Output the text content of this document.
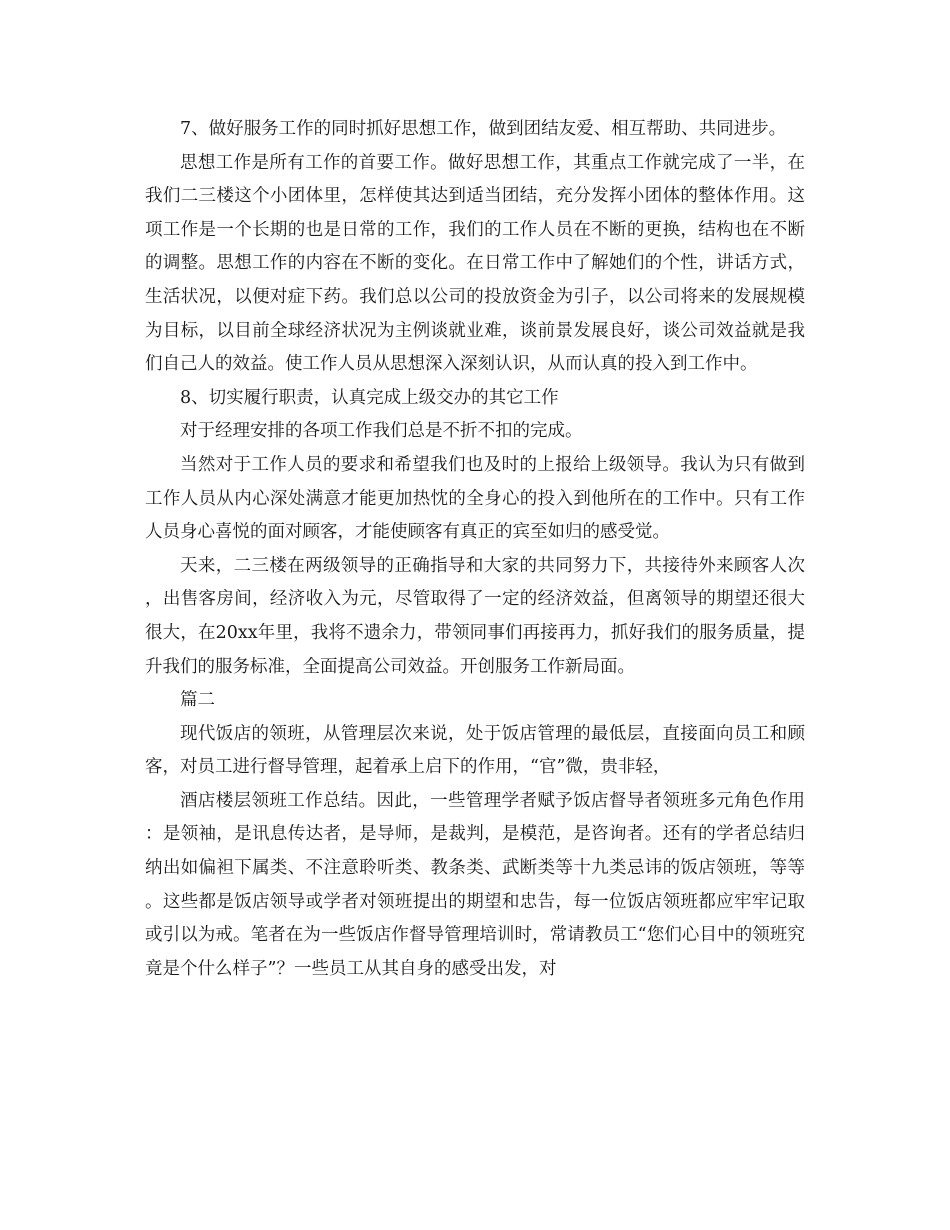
7、做好服务工作的同时抓好思想工作，做到团结友爱、相互帮助、共同进步。

思想工作是所有工作的首要工作。做好思想工作，其重点工作就完成了一半，在我们二三楼这个小团体里，怎样使其达到适当团结，充分发挥小团体的整体作用。这项工作是一个长期的也是日常的工作，我们的工作人员在不断的更换，结构也在不断的调整。思想工作的内容在不断的变化。在日常工作中了解她们的个性，讲话方式，生活状况，以便对症下药。我们总以公司的投放资金为引子，以公司将来的发展规模为目标，以目前全球经济状况为主例谈就业难，谈前景发展良好，谈公司效益就是我们自己人的效益。使工作人员从思想深入深刻认识，从而认真的投入到工作中。

8、切实履行职责，认真完成上级交办的其它工作

对于经理安排的各项工作我们总是不折不扣的完成。

当然对于工作人员的要求和希望我们也及时的上报给上级领导。我认为只有做到工作人员从内心深处满意才能更加热忱的全身心的投入到他所在的工作中。只有工作人员身心喜悦的面对顾客，才能使顾客有真正的宾至如归的感受觉。

天来，二三楼在两级领导的正确指导和大家的共同努力下，共接待外来顾客人次，出售客房间，经济收入为元，尽管取得了一定的经济效益，但离领导的期望还很大很大，在20xx年里，我将不遗余力，带领同事们再接再力，抓好我们的服务质量，提升我们的服务标准，全面提高公司效益。开创服务工作新局面。

篇二

现代饭店的领班，从管理层次来说，处于饭店管理的最低层，直接面向员工和顾客，对员工进行督导管理，起着承上启下的作用，“官”微，贵非轻，

酒店楼层领班工作总结。因此，一些管理学者赋予饭店督导者领班多元角色作用：是领袖，是讯息传达者，是导师，是裁判，是模范，是咨询者。还有的学者总结归纳出如偏袒下属类、不注意聆听类、教条类、武断类等十九类忌讳的饭店领班，等等。这些都是饭店领导或学者对领班提出的期望和忠告，每一位饭店领班都应牢牢记取或引以为戒。笔者在为一些饭店作督导管理培训时，常请教员工“您们心目中的领班究竟是个什么样子”？一些员工从其自身的感受出发，对
